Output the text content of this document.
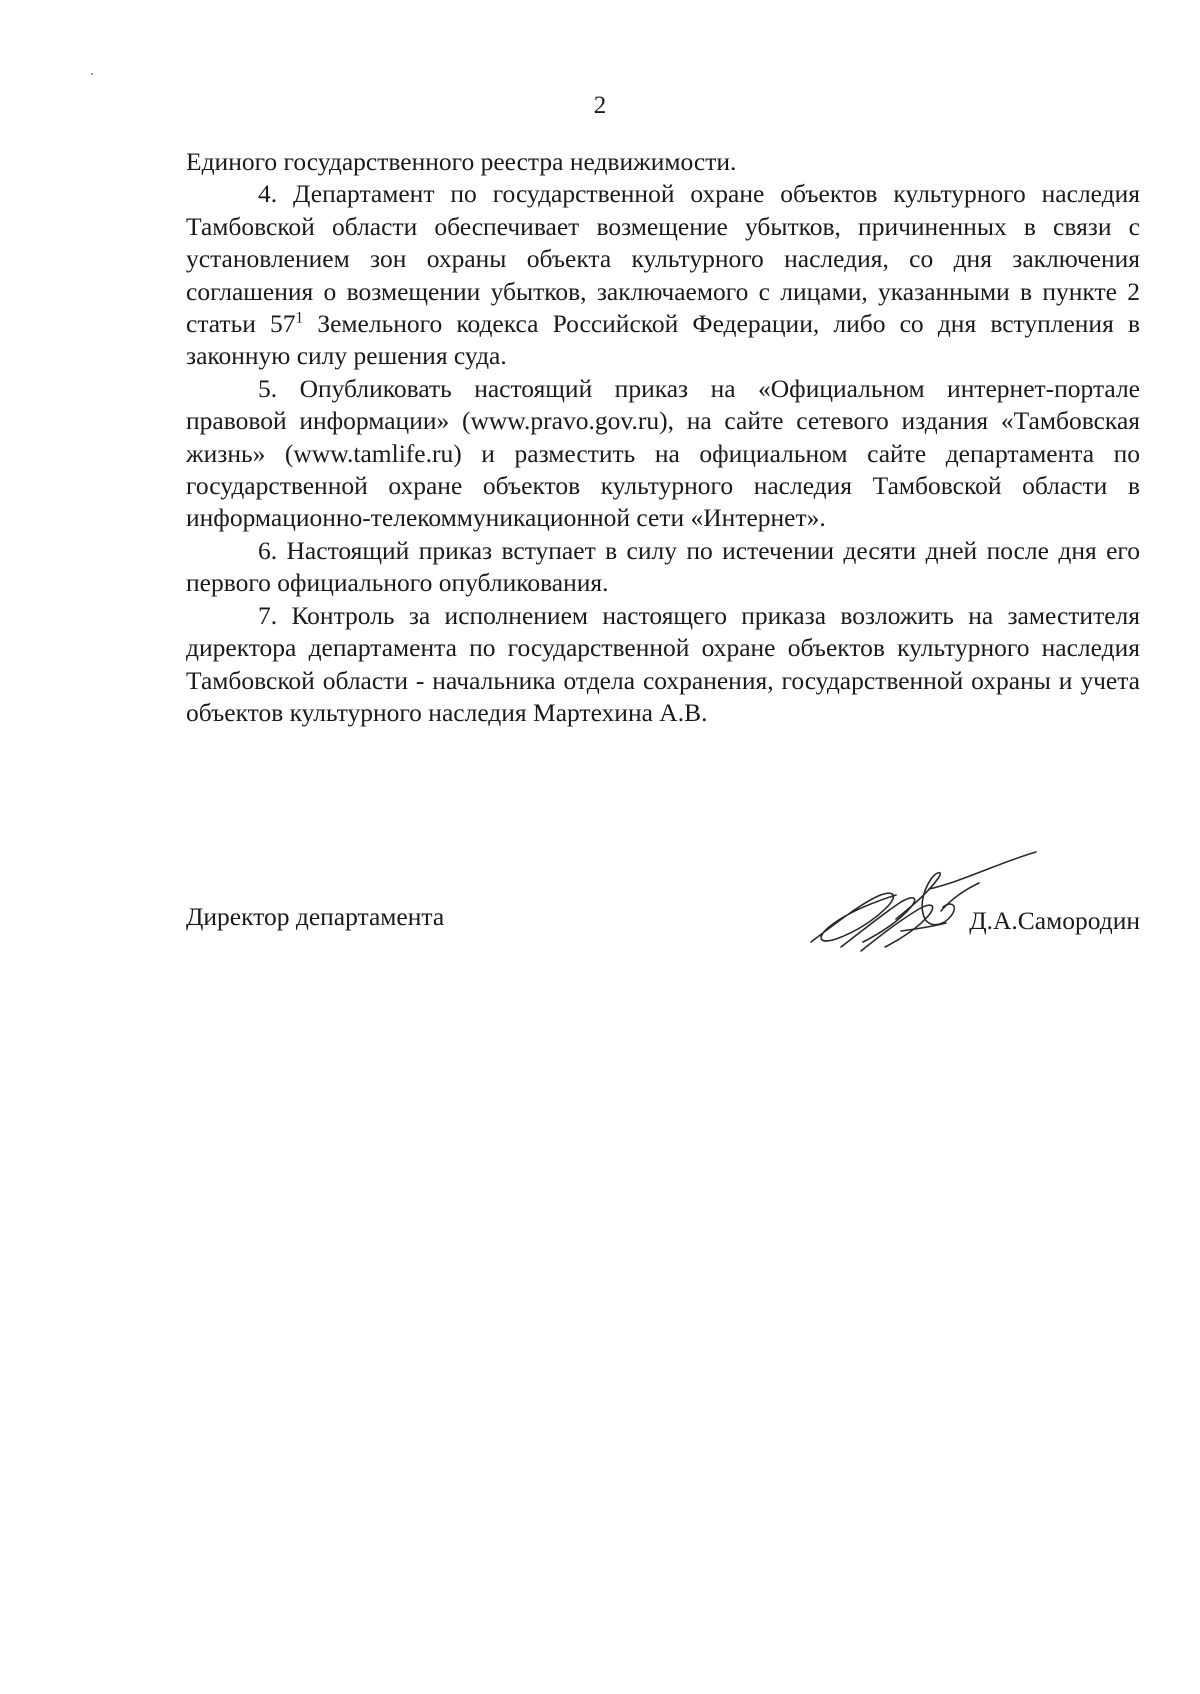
2

Единого государственного реестра недвижимости.

4. Департамент по государственной охране объектов культурного наследия Тамбовской области обеспечивает возмещение убытков, причиненных в связи с установлением зон охраны объекта культурного наследия, со дня заключения соглашения о возмещении убытков, заключаемого с лицами, указанными в пункте 2 статьи $57^1$ Земельного кодекса Российской Федерации, либо со дня вступления в законную силу решения суда.

5. Опубликовать настоящий приказ на «Официальном интернет-портале правовой информации» (www.pravo.gov.ru), на сайте сетевого издания «Тамбовская жизнь» (www.tamlife.ru) и разместить на официальном сайте департамента по государственной охране объектов культурного наследия Тамбовской области в информационно-телекоммуникационной сети «Интернет».

6. Настоящий приказ вступает в силу по истечении десяти дней после дня его первого официального опубликования.

7. Контроль за исполнением настоящего приказа возложить на заместителя директора департамента по государственной охране объектов культурного наследия Тамбовской области - начальника отдела сохранения, государственной охраны и учета объектов культурного наследия Мартехина А.В.

Директор департамента	Д.А.Самородин
